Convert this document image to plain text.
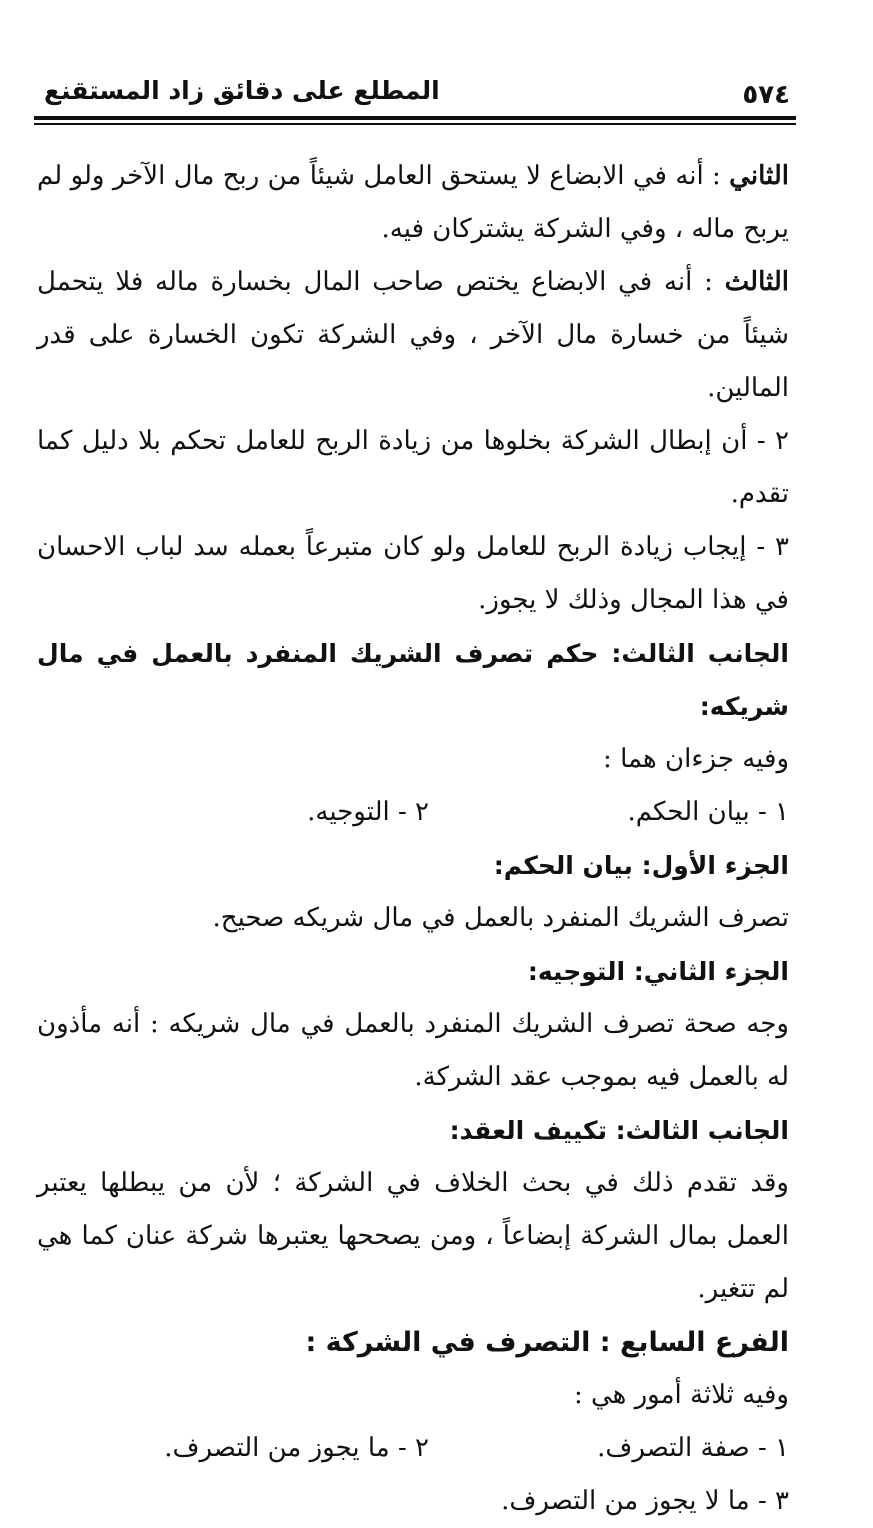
٥٧٤
المطلع على دقائق زاد المستقنع

الثاني : أنه في الابضاع لا يستحق العامل شيئاً من ربح مال الآخر ولو لم يربح ماله ، وفي الشركة يشتركان فيه.

الثالث : أنه في الابضاع يختص صاحب المال بخسارة ماله فلا يتحمل شيئاً من خسارة مال الآخر ، وفي الشركة تكون الخسارة على قدر المالين.

٢ - أن إبطال الشركة بخلوها من زيادة الربح للعامل تحكم بلا دليل كما تقدم.

٣ - إيجاب زيادة الربح للعامل ولو كان متبرعاً بعمله سد لباب الاحسان في هذا المجال وذلك لا يجوز.

الجانب الثالث: حكم تصرف الشريك المنفرد بالعمل في مال شريكه:

وفيه جزءان هما :

١ - بيان الحكم.
٢ - التوجيه.

الجزء الأول: بيان الحكم:

تصرف الشريك المنفرد بالعمل في مال شريكه صحيح.

الجزء الثاني: التوجيه:

وجه صحة تصرف الشريك المنفرد بالعمل في مال شريكه : أنه مأذون له بالعمل فيه بموجب عقد الشركة.

الجانب الثالث: تكييف العقد:

وقد تقدم ذلك في بحث الخلاف في الشركة ؛ لأن من يبطلها يعتبر العمل بمال الشركة إبضاعاً ، ومن يصححها يعتبرها شركة عنان كما هي لم تتغير.

الفرع السابع : التصرف في الشركة :

وفيه ثلاثة أمور هي :

١ - صفة التصرف.
٢ - ما يجوز من التصرف.

٣ - ما لا يجوز من التصرف.
